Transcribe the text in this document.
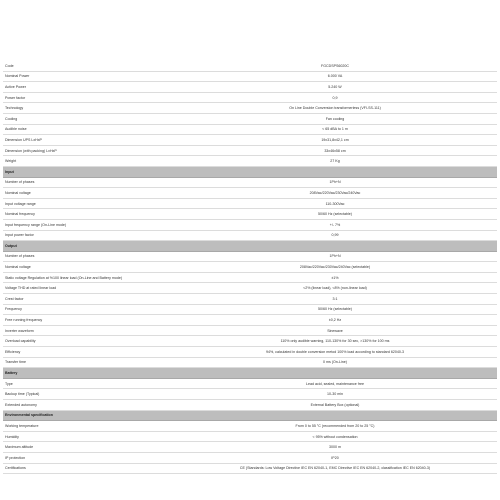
Code	FGCDSPS6020C
Nominal Power	6.000 VA
Active Power	5.240 W
Power factor	0,9
Technology	On Line Double Conversion transformerless (VFI-SS-111)
Cooling	Fan cooling
Audible noise	< 65 dBA to 1 m
Dimension UPS LxHxP	19x31,8x42,1 cm
Dimension (with packing) LxHxP	33x46x58 cm
Weight	27 Kg
Input	
Number of phases	1Ph+N
Nominal voltage	208Vac/220Vac/230Vac/240Vac
Input voltage range	110-300Vac
Nominal frequency	50/60 Hz (selectable)
Input frequency range (On-Line mode)	+/- 7%
Input power factor	0,99
Output	
Number of phases	1Ph+N
Nominal voltage	208Vac/220Vac/230Vac/240Vac (selectable)
Static voltage Regulation at %100 linear load (On-Line and Battery mode)	±1%
Voltage THD at rated linear load	<2% (linear load), <8% (non-linear load)
Crest factor	3:1
Frequency	50/60 Hz (selectable)
Free running frequency	±0,2 Hz
Inverter waveform	Sinewave
Overload capability	110% only audible warning, 110-130% for 30 sec, >130% for 100 ms
Efficiency	94%, calculated in double conversion metod 100% load according to standard 62040-3
Transfer time	0 ms (On-Line)
Battery	
Type	Lead acid, sealed, maintenance free
Backup time (Typical)	10-30 min
Extended autonomy	External Battery Box (optional)
Environmental specification	
Working temperature	From 0 to 55 °C (recommended from 20 to 25 °C)
Humidity	< 95% without condensation
Maximum altitude	3000 m
IP protection	IP20
Certifications	CE (Standards: Low Voltage Directive IEC EN 62040-1, EMC Directive IEC EN 62040-2, classification IEC EN 62040-3)
